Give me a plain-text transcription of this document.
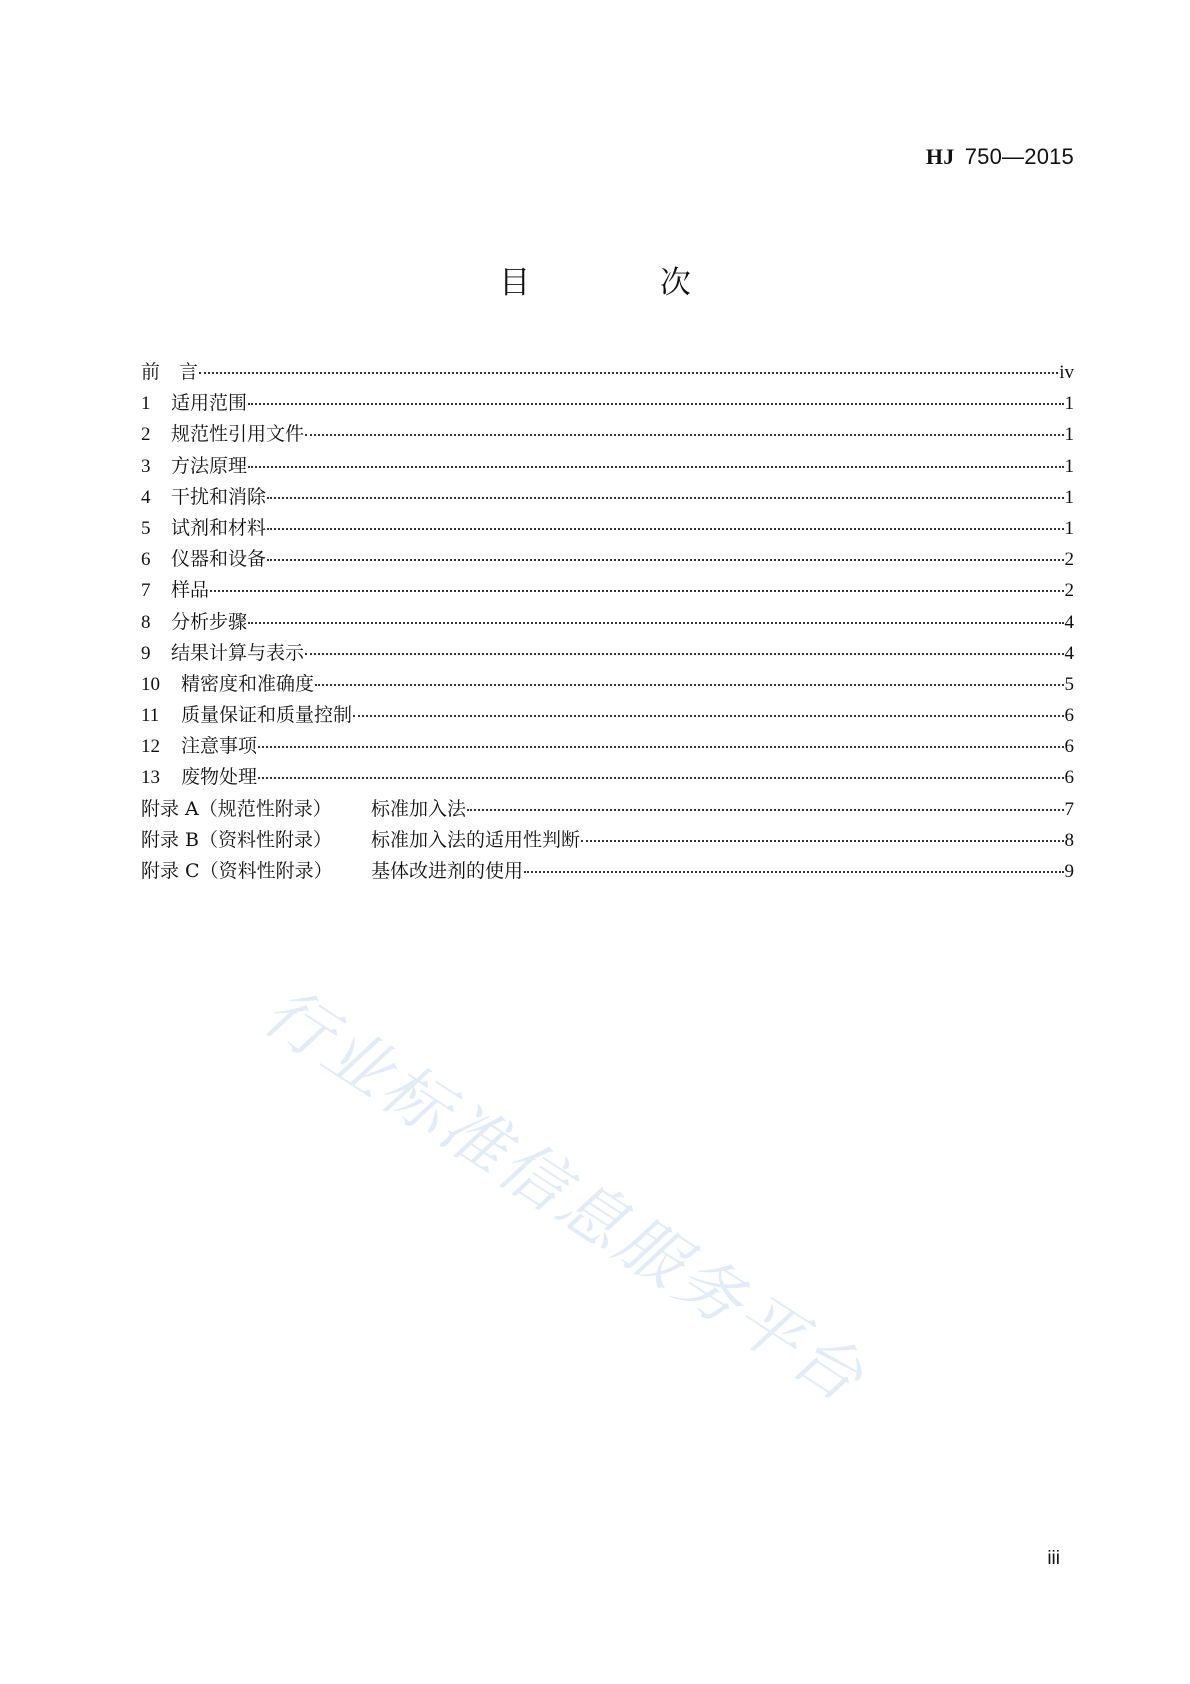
HJ 750—2015
目 次
前　言	iv
1	适用范围	1
2	规范性引用文件	1
3	方法原理	1
4	干扰和消除	1
5	试剂和材料	1
6	仪器和设备	2
7	样品	2
8	分析步骤	4
9	结果计算与表示	4
10	精密度和准确度	5
11	质量保证和质量控制	6
12	注意事项	6
13	废物处理	6
附录 A（规范性附录）	标准加入法	7
附录 B（资料性附录）	标准加入法的适用性判断	8
附录 C（资料性附录）	基体改进剂的使用	9
行业标准信息服务平台
iii
